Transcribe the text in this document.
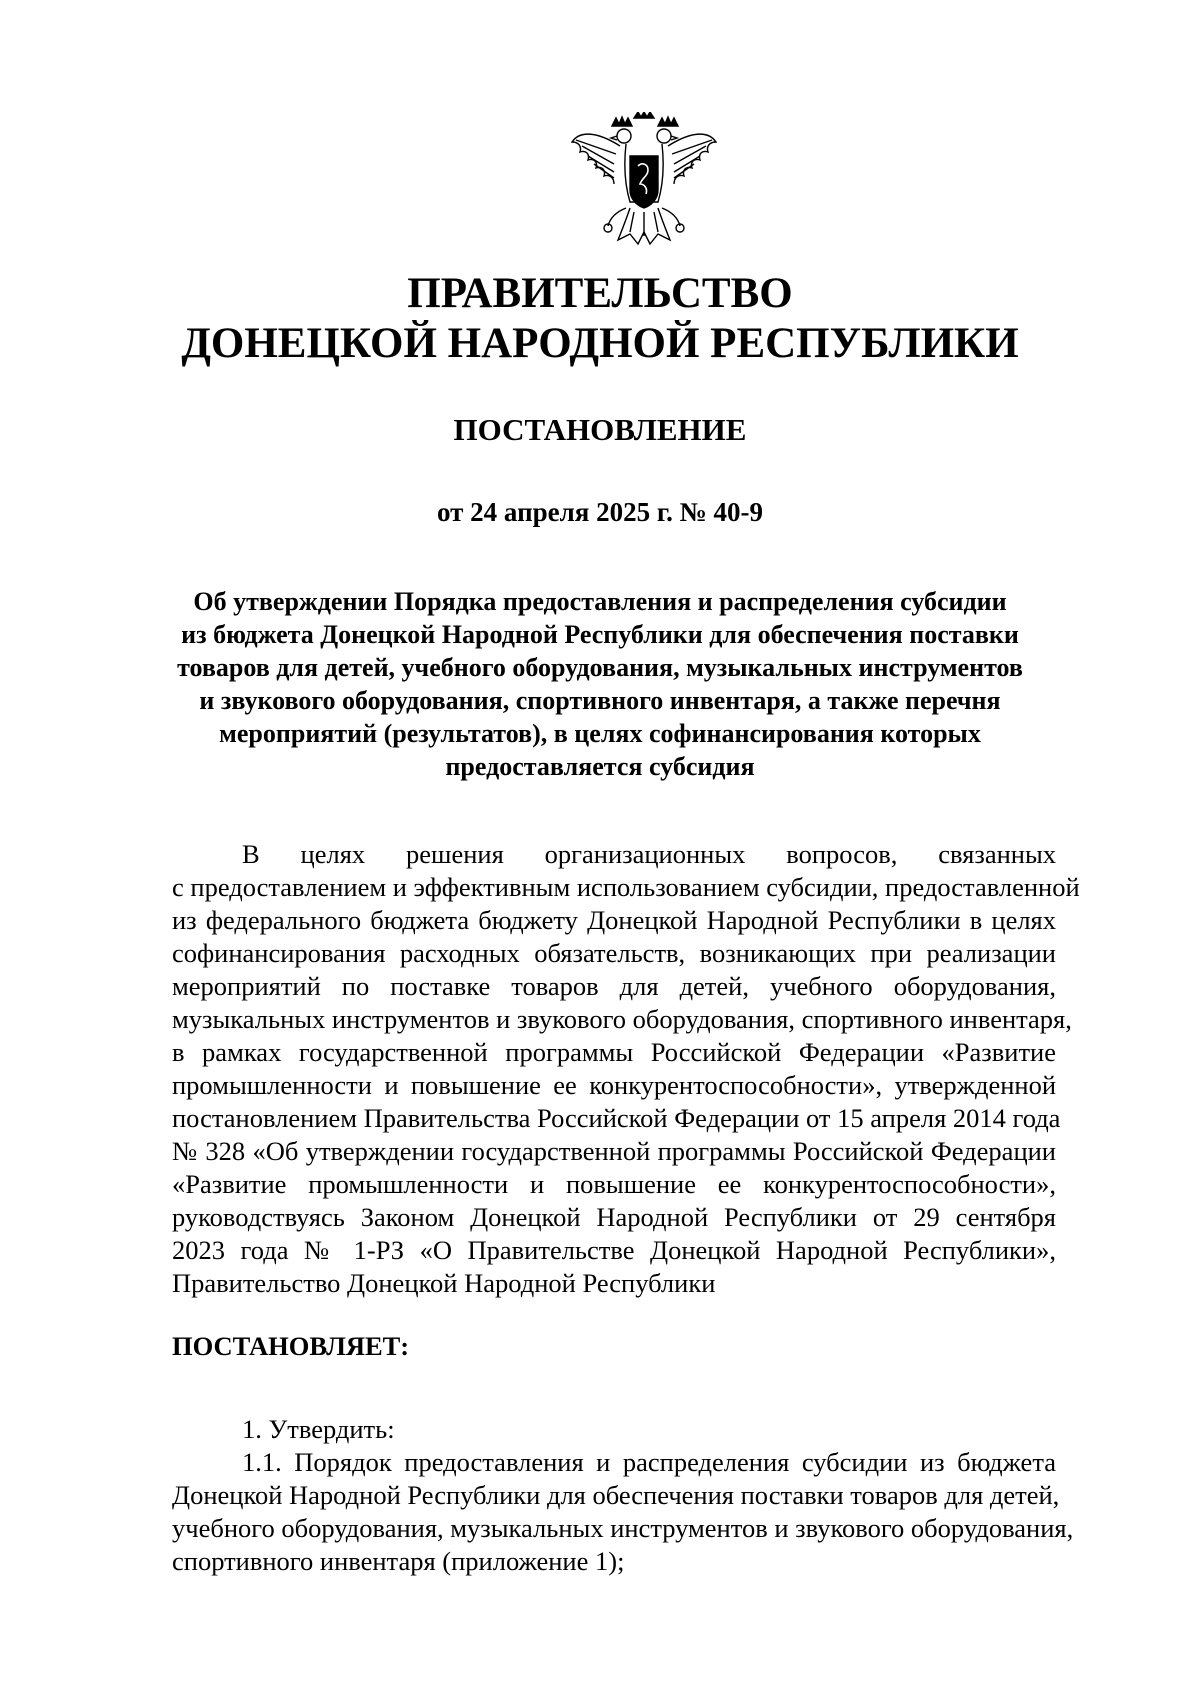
ПРАВИТЕЛЬСТВО
ДОНЕЦКОЙ НАРОДНОЙ РЕСПУБЛИКИ
ПОСТАНОВЛЕНИЕ

от 24 апреля 2025 г. № 40-9

Об утверждении Порядка предоставления и распределения субсидии
из бюджета Донецкой Народной Республики для обеспечения поставки
товаров для детей, учебного оборудования, музыкальных инструментов
и звукового оборудования, спортивного инвентаря, а также перечня
мероприятий (результатов), в целях софинансирования которых
предоставляется субсидия
В целях решения организационных вопросов, связанных
с предоставлением и эффективным использованием субсидии, предоставленной
из федерального бюджета бюджету Донецкой Народной Республики в целях
софинансирования расходных обязательств, возникающих при реализации
мероприятий по поставке товаров для детей, учебного оборудования,
музыкальных инструментов и звукового оборудования, спортивного инвентаря,
в рамках государственной программы Российской Федерации «Развитие
промышленности и повышение ее конкурентоспособности», утвержденной
постановлением Правительства Российской Федерации от 15 апреля 2014 года
№ 328 «Об утверждении государственной программы Российской Федерации
«Развитие промышленности и повышение ее конкурентоспособности»,
руководствуясь Законом Донецкой Народной Республики от 29 сентября
2023 года № 1-РЗ «О Правительстве Донецкой Народной Республики»,
Правительство Донецкой Народной Республики

ПОСТАНОВЛЯЕТ:

1. Утвердить:

1.1. Порядок предоставления и распределения субсидии из бюджета
Донецкой Народной Республики для обеспечения поставки товаров для детей,
учебного оборудования, музыкальных инструментов и звукового оборудования,
спортивного инвентаря (приложение 1);
